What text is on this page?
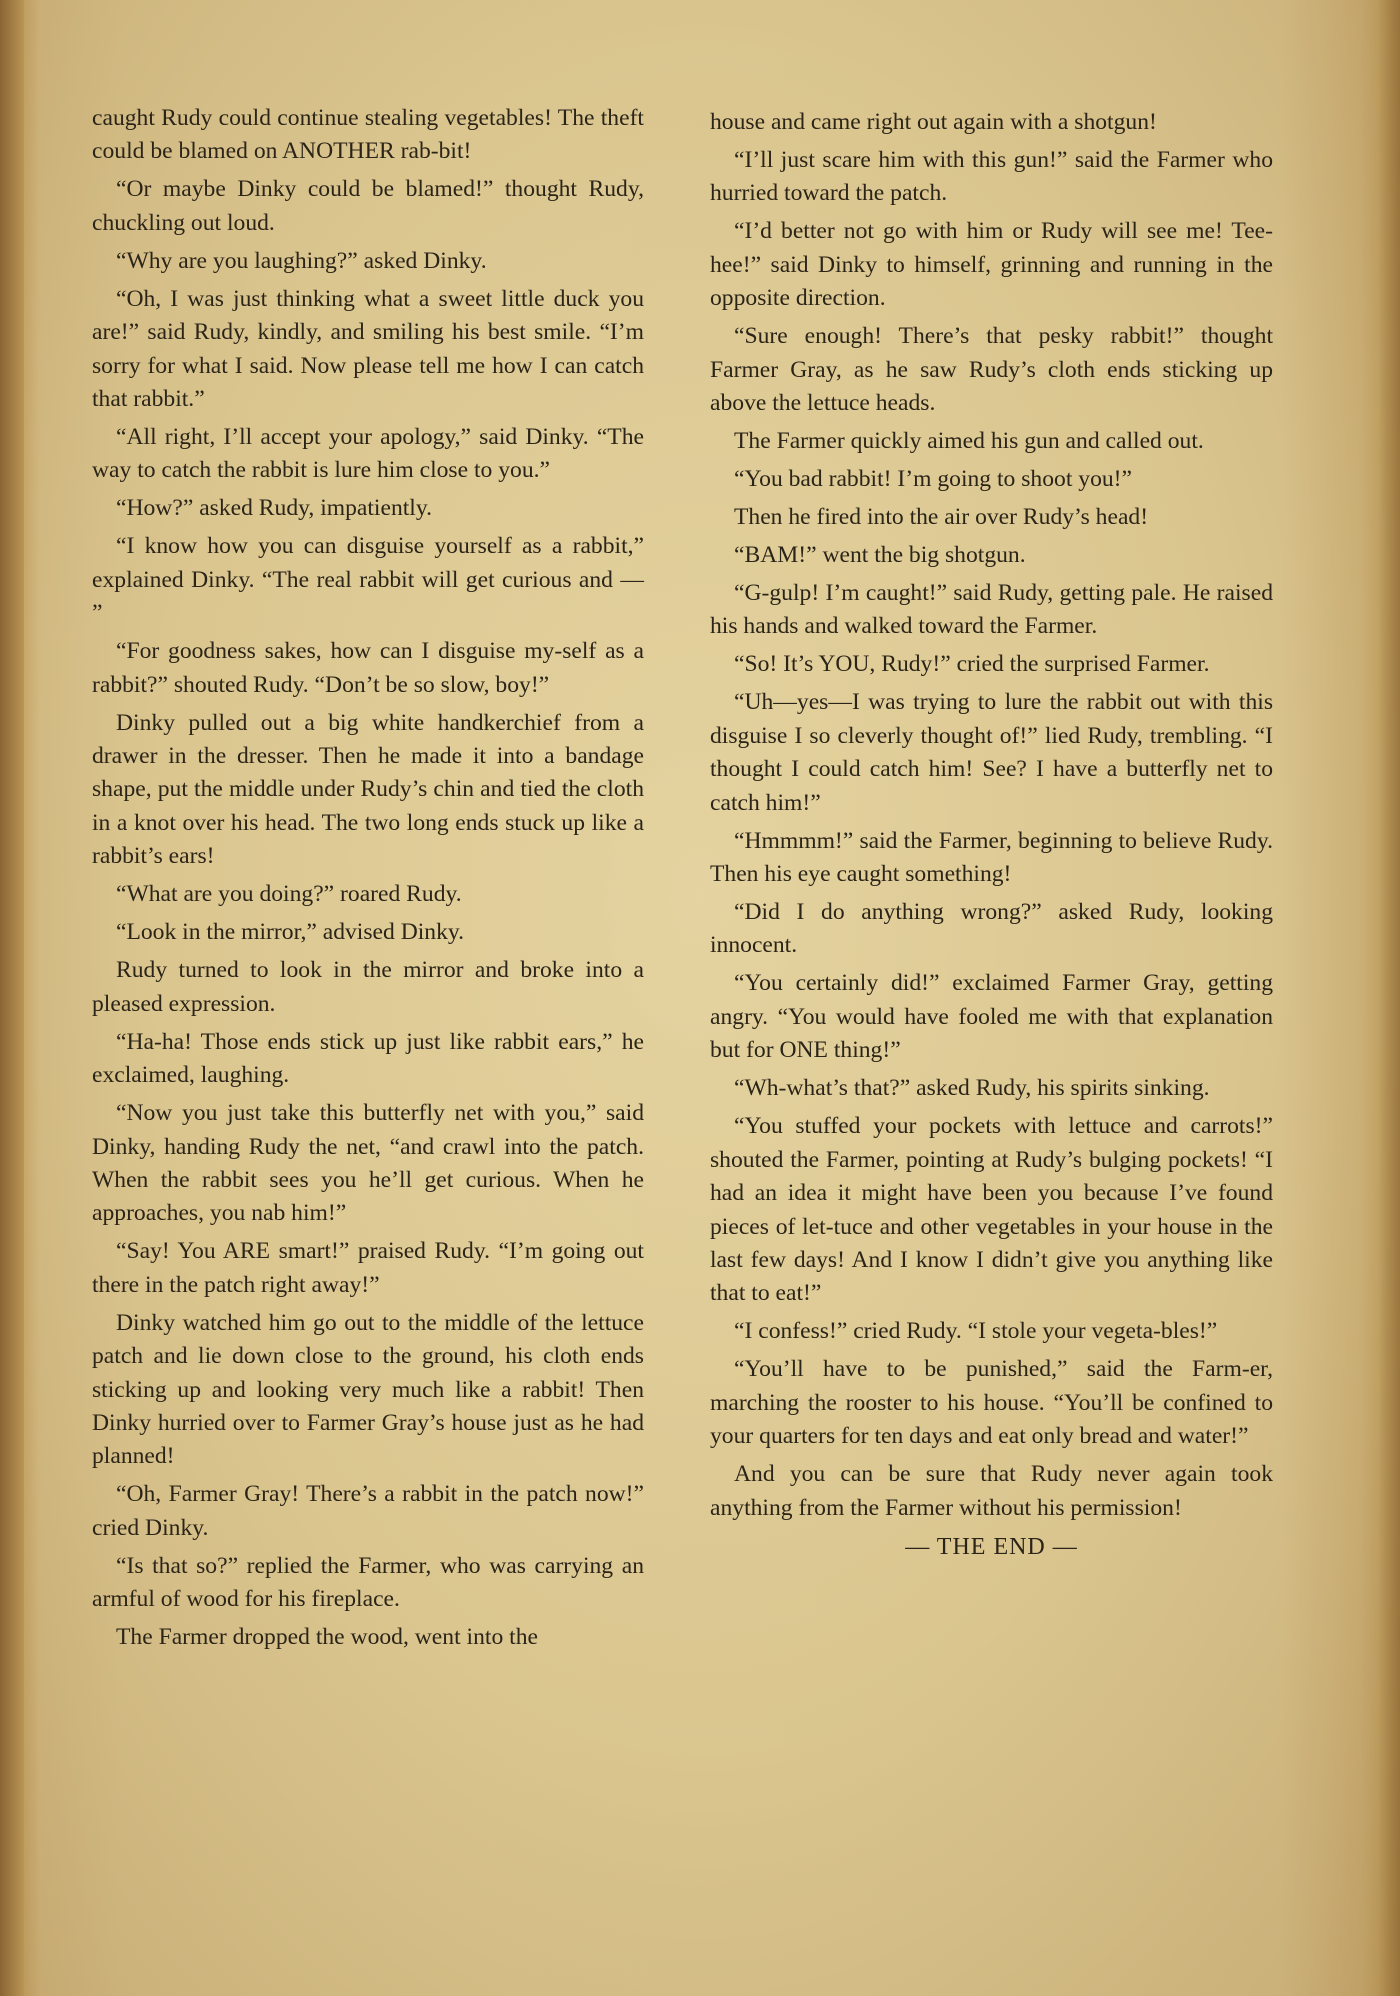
caught Rudy could continue stealing vegetables! The theft could be blamed on ANOTHER rab-bit!

“Or maybe Dinky could be blamed!” thought Rudy, chuckling out loud.

“Why are you laughing?” asked Dinky.

“Oh, I was just thinking what a sweet little duck you are!” said Rudy, kindly, and smiling his best smile. “I’m sorry for what I said. Now please tell me how I can catch that rabbit.”

“All right, I’ll accept your apology,” said Dinky. “The way to catch the rabbit is lure him close to you.”

“How?” asked Rudy, impatiently.

“I know how you can disguise yourself as a rabbit,” explained Dinky. “The real rabbit will get curious and — ”

“For goodness sakes, how can I disguise my-self as a rabbit?” shouted Rudy. “Don’t be so slow, boy!”

Dinky pulled out a big white handkerchief from a drawer in the dresser. Then he made it into a bandage shape, put the middle under Rudy’s chin and tied the cloth in a knot over his head. The two long ends stuck up like a rabbit’s ears!

“What are you doing?” roared Rudy.

“Look in the mirror,” advised Dinky.

Rudy turned to look in the mirror and broke into a pleased expression.

“Ha-ha! Those ends stick up just like rabbit ears,” he exclaimed, laughing.

“Now you just take this butterfly net with you,” said Dinky, handing Rudy the net, “and crawl into the patch. When the rabbit sees you he’ll get curious. When he approaches, you nab him!”

“Say! You ARE smart!” praised Rudy. “I’m going out there in the patch right away!”

Dinky watched him go out to the middle of the lettuce patch and lie down close to the ground, his cloth ends sticking up and looking very much like a rabbit! Then Dinky hurried over to Farmer Gray’s house just as he had planned!

“Oh, Farmer Gray! There’s a rabbit in the patch now!” cried Dinky.

“Is that so?” replied the Farmer, who was carrying an armful of wood for his fireplace.

The Farmer dropped the wood, went into the

house and came right out again with a shotgun!

“I’ll just scare him with this gun!” said the Farmer who hurried toward the patch.

“I’d better not go with him or Rudy will see me! Tee-hee!” said Dinky to himself, grinning and running in the opposite direction.

“Sure enough! There’s that pesky rabbit!” thought Farmer Gray, as he saw Rudy’s cloth ends sticking up above the lettuce heads.

The Farmer quickly aimed his gun and called out.

“You bad rabbit! I’m going to shoot you!”

Then he fired into the air over Rudy’s head!

“BAM!” went the big shotgun.

“G-gulp! I’m caught!” said Rudy, getting pale. He raised his hands and walked toward the Farmer.

“So! It’s YOU, Rudy!” cried the surprised Farmer.

“Uh—yes—I was trying to lure the rabbit out with this disguise I so cleverly thought of!” lied Rudy, trembling. “I thought I could catch him! See? I have a butterfly net to catch him!”

“Hmmmm!” said the Farmer, beginning to believe Rudy. Then his eye caught something!

“Did I do anything wrong?” asked Rudy, looking innocent.

“You certainly did!” exclaimed Farmer Gray, getting angry. “You would have fooled me with that explanation but for ONE thing!”

“Wh-what’s that?” asked Rudy, his spirits sinking.

“You stuffed your pockets with lettuce and carrots!” shouted the Farmer, pointing at Rudy’s bulging pockets! “I had an idea it might have been you because I’ve found pieces of let-tuce and other vegetables in your house in the last few days! And I know I didn’t give you anything like that to eat!”

“I confess!” cried Rudy. “I stole your vegeta-bles!”

“You’ll have to be punished,” said the Farm-er, marching the rooster to his house. “You’ll be confined to your quarters for ten days and eat only bread and water!”

And you can be sure that Rudy never again took anything from the Farmer without his permission!

— THE END —
